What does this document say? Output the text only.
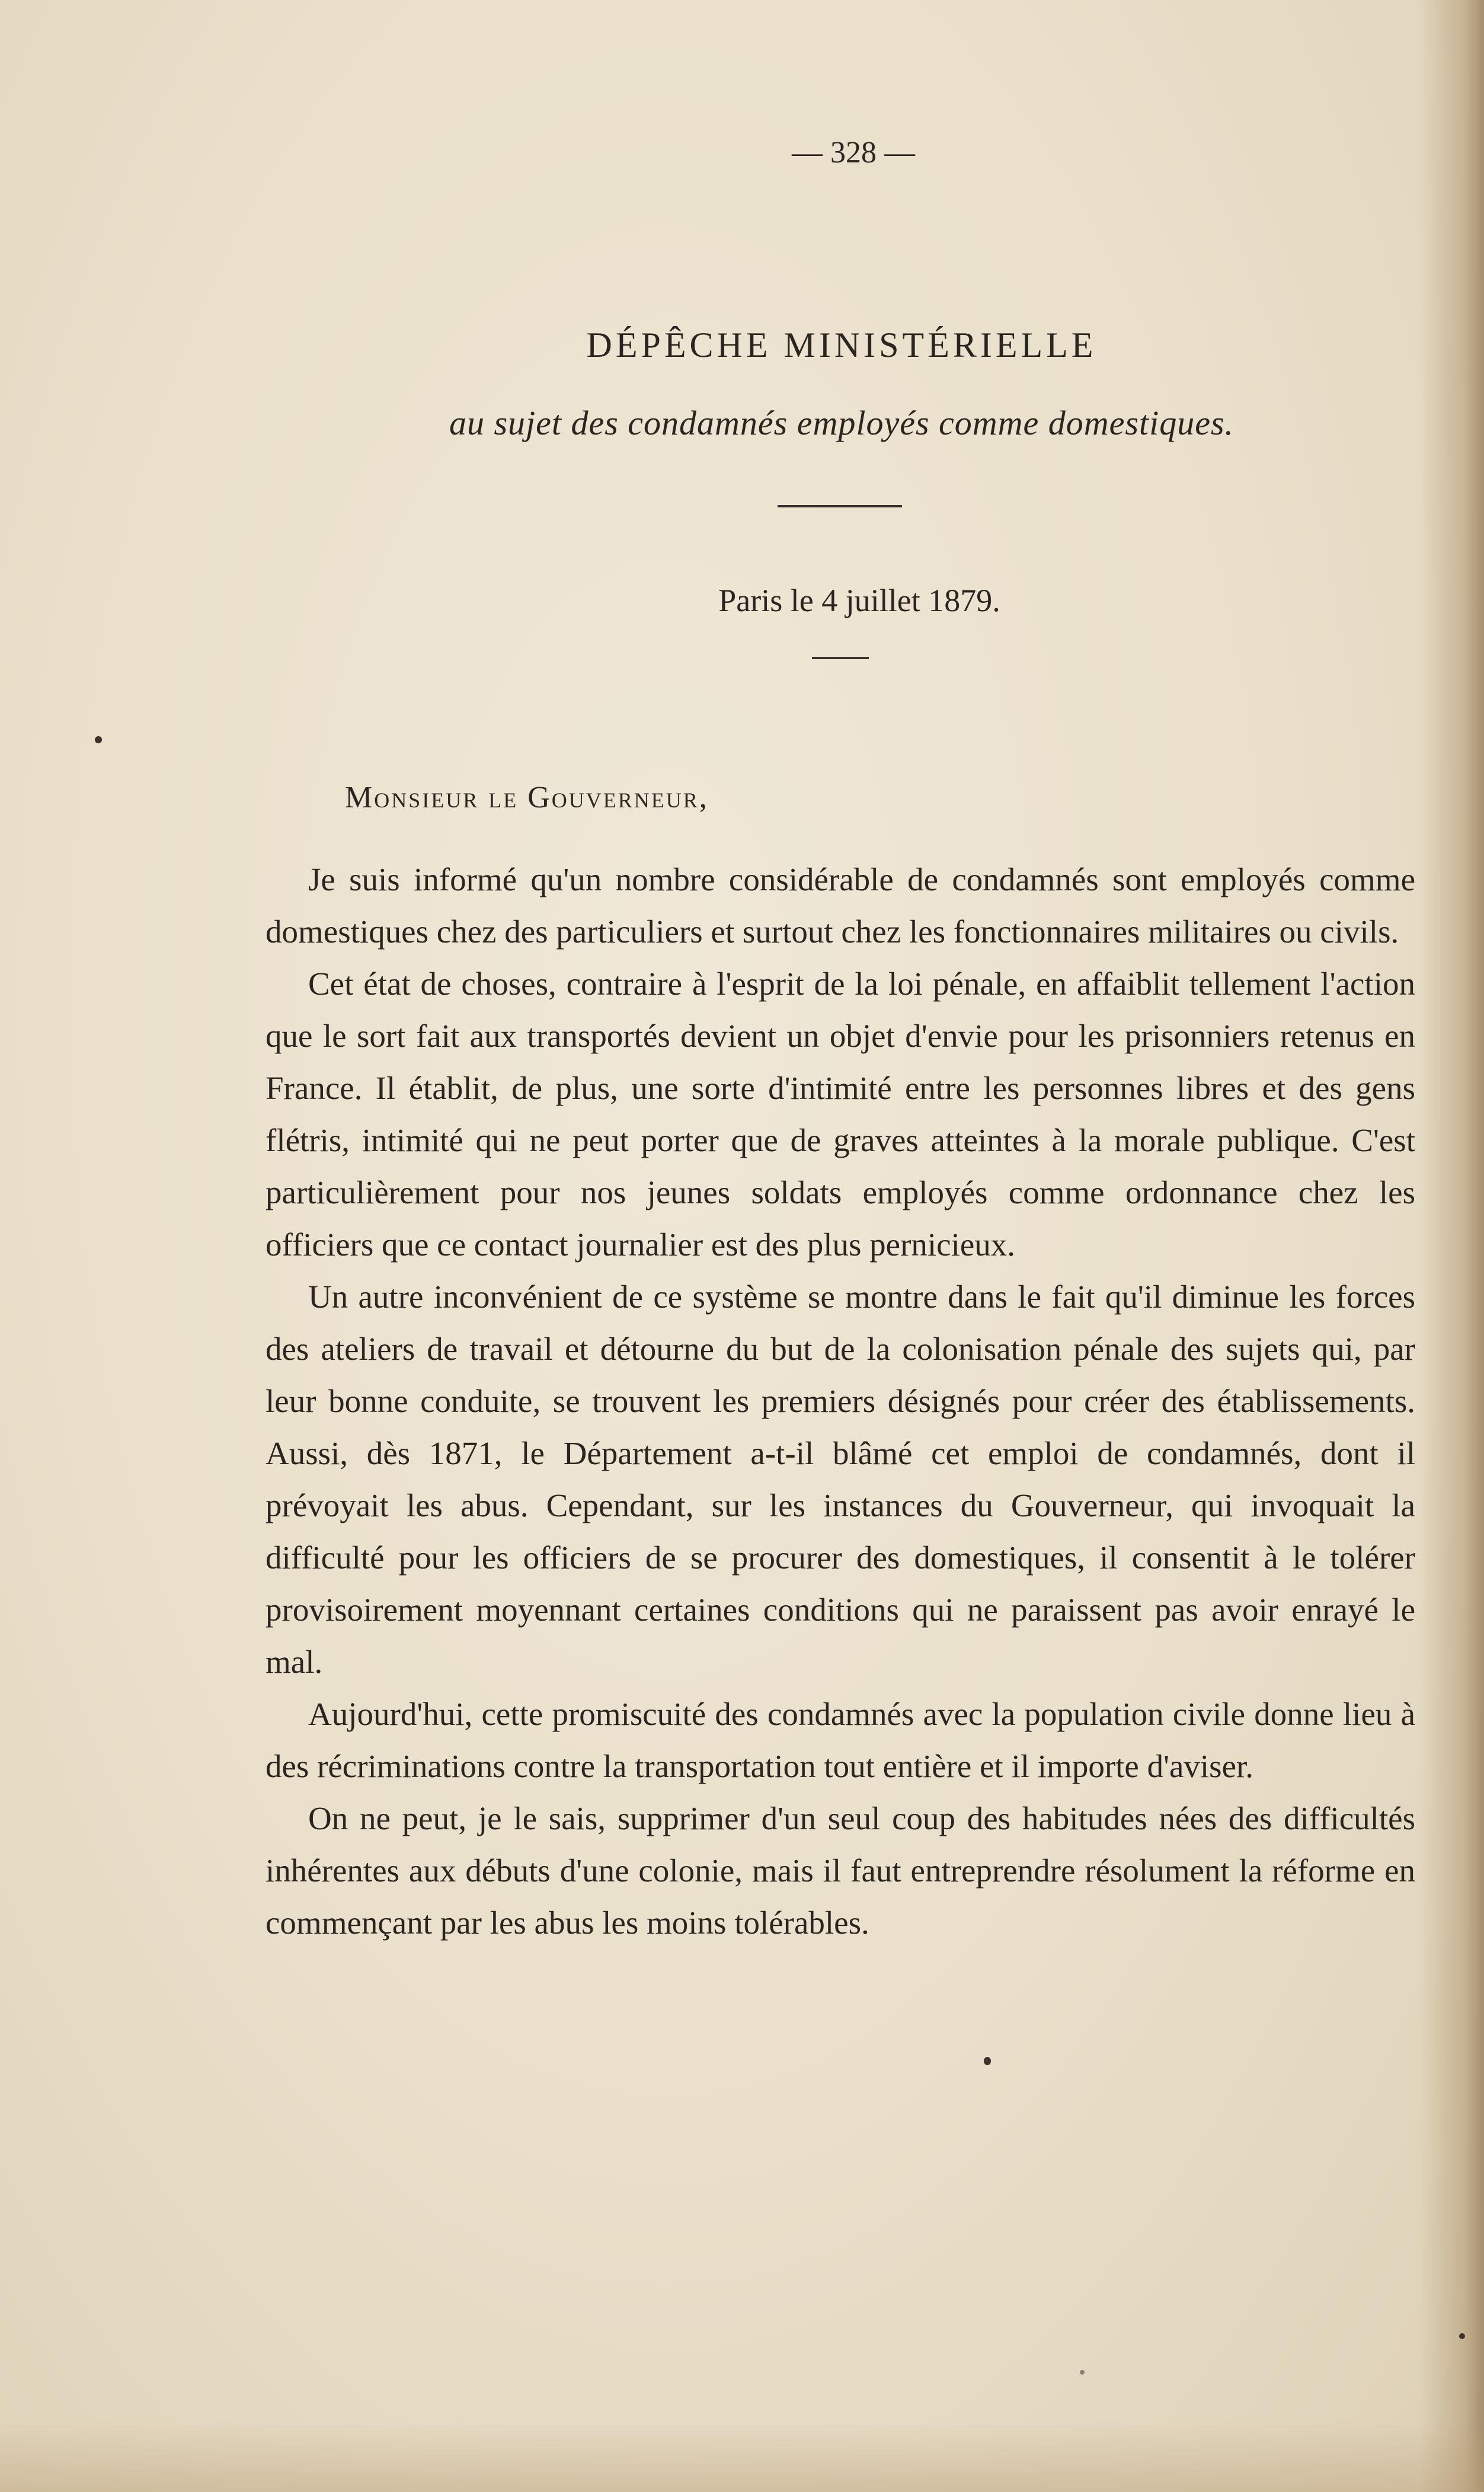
— 328 —
DÉPÊCHE MINISTÉRIELLE
au sujet des condamnés employés comme domestiques.
Paris le 4 juillet 1879.
Monsieur le Gouverneur,

Je suis informé qu'un nombre considérable de condamnés sont employés comme domestiques chez des particuliers et surtout chez les fonctionnaires militaires ou civils.

Cet état de choses, contraire à l'esprit de la loi pénale, en affaiblit tellement l'action que le sort fait aux transportés devient un objet d'envie pour les prisonniers retenus en France. Il établit, de plus, une sorte d'intimité entre les personnes libres et des gens flétris, intimité qui ne peut porter que de graves atteintes à la morale publique. C'est particulièrement pour nos jeunes soldats employés comme ordonnance chez les officiers que ce contact journalier est des plus pernicieux.

Un autre inconvénient de ce système se montre dans le fait qu'il diminue les forces des ateliers de travail et détourne du but de la colonisation pénale des sujets qui, par leur bonne conduite, se trouvent les premiers désignés pour créer des établissements. Aussi, dès 1871, le Département a-t-il blâmé cet emploi de condamnés, dont il prévoyait les abus. Cependant, sur les instances du Gouverneur, qui invoquait la difficulté pour les officiers de se procurer des domestiques, il consentit à le tolérer provisoirement moyennant certaines conditions qui ne paraissent pas avoir enrayé le mal.

Aujourd'hui, cette promiscuité des condamnés avec la population civile donne lieu à des récriminations contre la transportation tout entière et il importe d'aviser.

On ne peut, je le sais, supprimer d'un seul coup des habitudes nées des difficultés inhérentes aux débuts d'une colonie, mais il faut entreprendre résolument la réforme en commençant par les abus les moins tolérables.
